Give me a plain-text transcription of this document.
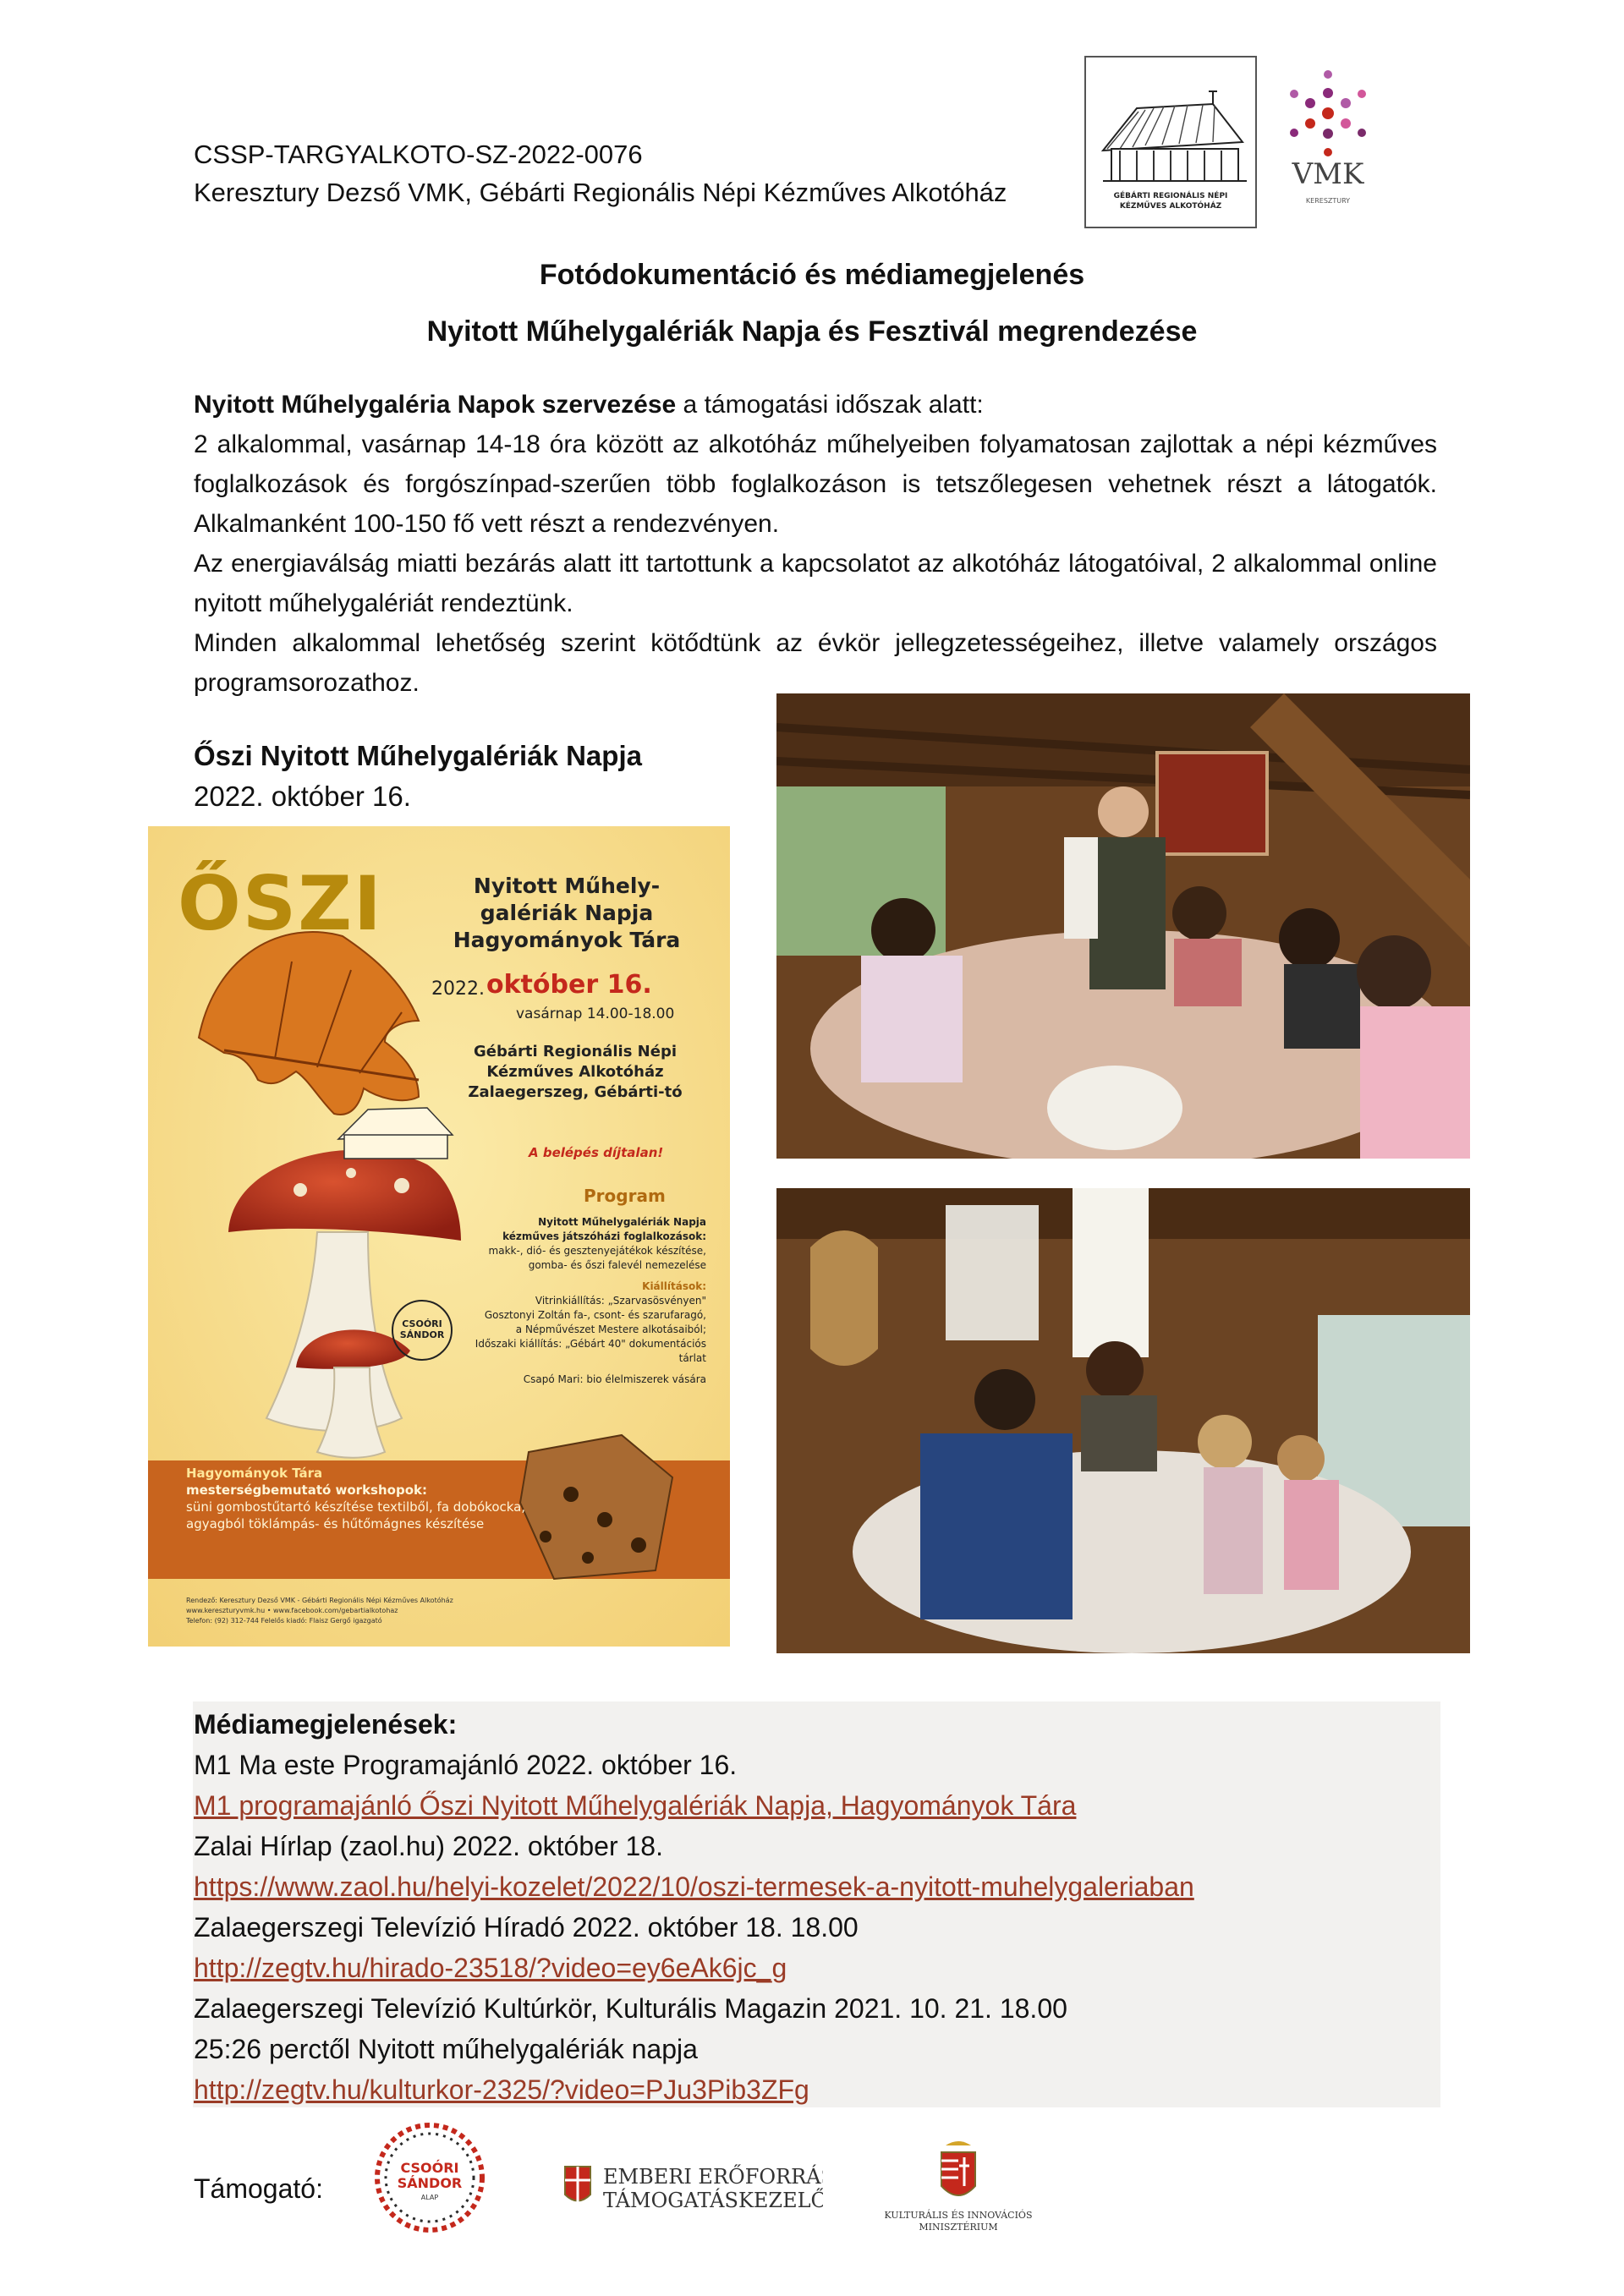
CSSP-TARGYALKOTO-SZ-2022-0076
Keresztury Dezső VMK, Gébárti Regionális Népi Kézműves Alkotóház	GÉBÁRTI REGIONÁLIS NÉPI
KÉZMŰVES ALKOTÓHÁZ
VMK
KERESZTURY
Fotódokumentáció és médiamegjelenés
Nyitott Műhelygalériák Napja és Fesztivál megrendezése

Nyitott Műhelygaléria Napok szervezése a támogatási időszak alatt:

2 alkalommal, vasárnap 14-18 óra között az alkotóház műhelyeiben folyamatosan zajlottak a népi kézműves foglalkozások és forgószínpad-szerűen több foglalkozáson is tetszőlegesen vehetnek részt a látogatók. Alkalmanként 100-150 fő vett részt a rendezvényen.

Az energiaválság miatti bezárás alatt itt tartottunk a kapcsolatot az alkotóház látogatóival, 2 alkalommal online nyitott műhelygalériát rendeztünk.

Minden alkalommal lehetőség szerint kötődtünk az évkör jellegzetességeihez, illetve valamely országos programsorozathoz.

Őszi Nyitott Műhelygalériák Napja
2022. október 16.
ŐSZI	Nyitott Műhely-
galériák Napja
Hagyományok Tára
2022. október 16.
vasárnap 14.00-18.00
Gébárti Regionális Népi
Kézműves Alkotóház
Zalaegerszeg, Gébárti-tó
A belépés díjtalan!
Program
Nyitott Műhelygalériák Napja
kézműves játszóházi foglalkozások:
makk-, dió- és gesztenyejátékok készítése,
gomba- és őszi falevél nemezelése
Kiállítások:
Vitrinkiállítás: „Szarvasösvényen"
Gosztonyi Zoltán fa-, csont- és szarufaragó,
a Népművészet Mestere alkotásaiból;
Időszaki kiállítás: „Gébárt 40" dokumentációs tárlat
Csapó Mari: bio élelmiszerek vására
CSOÓRI SÁNDOR
Hagyományok Tára
mesterségbemutató workshopok:
süni gombostűtartó készítése textilből, fa dobókocka,
agyagból töklámpás- és hűtőmágnes készítése
Rendező: Keresztury Dezső VMK - Gébárti Regionális Népi Kézműves Alkotóház
www.kereszturyvmk.hu • www.facebook.com/gebartialkotohaz
Telefon: (92) 312-744 Felelős kiadó: Flaisz Gergő igazgató
Médiamegjelenések:
M1 Ma este Programajánló 2022. október 16.
M1 programajánló Őszi Nyitott Műhelygalériák Napja, Hagyományok Tára
Zalai Hírlap (zaol.hu) 2022. október 18.
https://www.zaol.hu/helyi-kozelet/2022/10/oszi-termesek-a-nyitott-muhelygaleriaban
Zalaegerszegi Televízió Híradó 2022. október 18. 18.00
http://zegtv.hu/hirado-23518/?video=ey6eAk6jc_g
Zalaegerszegi Televízió Kultúrkör, Kulturális Magazin 2021. 10. 21. 18.00
25:26 perctől Nyitott műhelygalériák napja
http://zegtv.hu/kulturkor-2325/?video=PJu3Pib3ZFg
Támogató:
CSOÓRI
SÁNDOR
ALAP
EMBERI ERŐFORRÁS
TÁMOGATÁSKEZELŐ
KULTURÁLIS ÉS INNOVÁCIÓS
MINISZTÉRIUM
